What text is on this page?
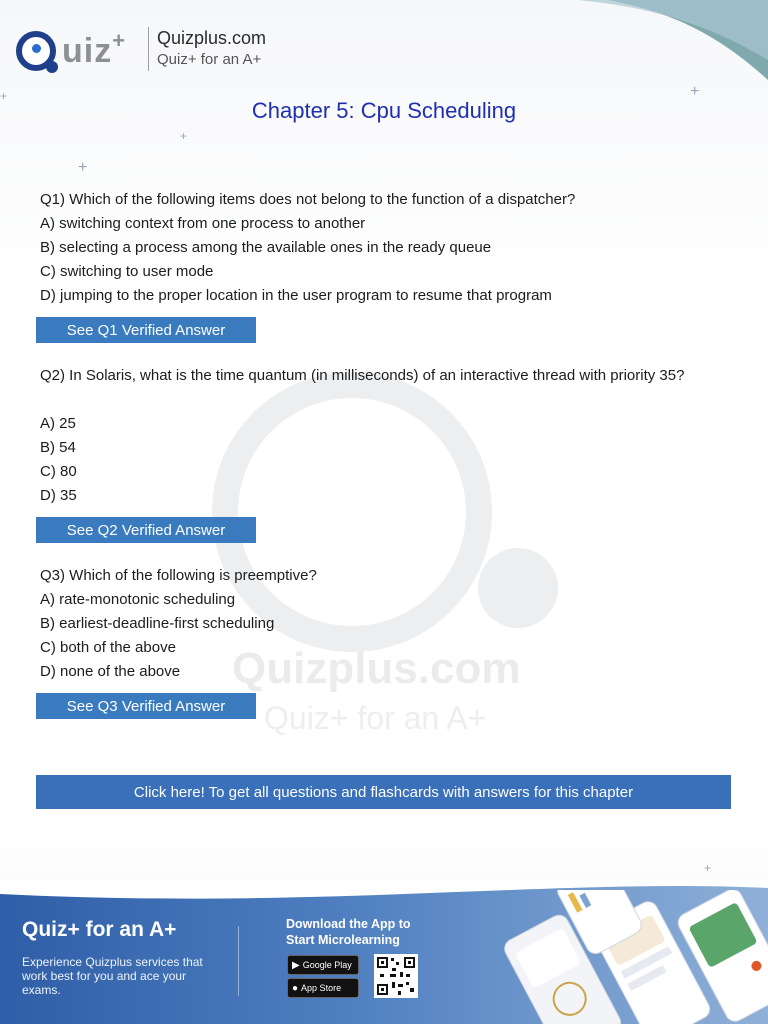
+
+
+
+
+
Quizplus.com
Quiz+ for an A+
uiz + Quizplus.com
Quiz+ for an A+
Chapter 5: Cpu Scheduling
Q1) Which of the following items does not belong to the function of a dispatcher?
A) switching context from one process to another
B) selecting a process among the available ones in the ready queue
C) switching to user mode
D) jumping to the proper location in the user program to resume that program
See Q1 Verified Answer
Q2) In Solaris, what is the time quantum (in milliseconds) of an interactive thread with priority 35?
A) 25
B) 54
C) 80
D) 35
See Q2 Verified Answer
Q3) Which of the following is preemptive?
A) rate-monotonic scheduling
B) earliest-deadline-first scheduling
C) both of the above
D) none of the above
See Q3 Verified Answer
Click here! To get all questions and flashcards with answers for this chapter
Quiz+ for an A+
Experience Quizplus services that work best for you and ace your exams.
Download the App to Start Microlearning
▶ Google Play
● App Store
